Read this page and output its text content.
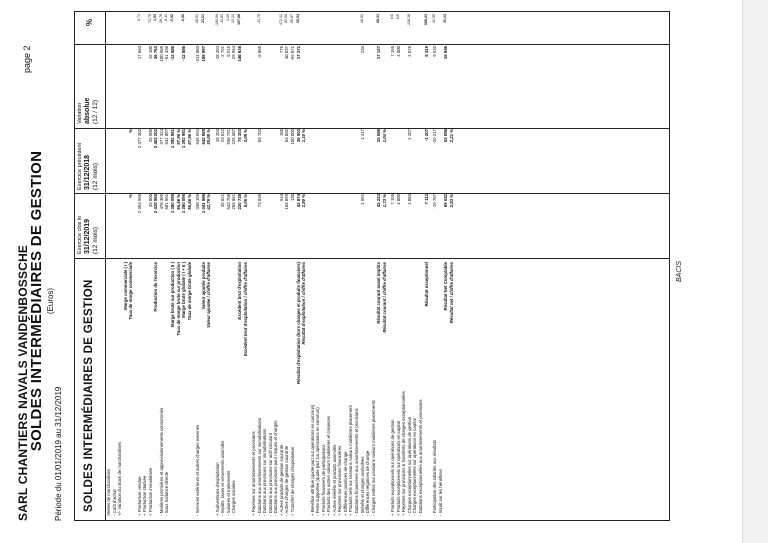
SARL CHANTIERS NAVALS VANDENBOSSCHE
SOLDES INTERMÉDIAIRES DE GESTION (Euros)
Période du 01/01/2019 au 31/12/2019
page 2
SOLDES INTERMÉDIAIRES DE GESTION
Exercice clos le 31/12/2019 (12 mois)
Exercice précédent 31/12/2018 (12 mois)
Variation absolue (12 / 12)
%
Ventes de marchandises - Coût d'achat +/- Variation du stock de marchandises
Marge commerciale ( I ) Taux de marge commerciale
%
%
+ Production vendue
2 394 965
2 377 302
17 663
0,74
+ Production stockée + Production immobilisée
45 000
25 900
19 100
73,75
Production de l'exercice
2 439 965
2 403 202
36 763
1,53
- Matières premières et approvisionnements consommés
478 309
377 324
100 985
26,76
- Sous traitance directe
581 561
632 897
-51 336
-8,11
Marge brute sur production ( II )
1 380 095
1 392 981
-12 886
-0,92
Taux de marge brute sur production
56,56 %
57,96 %
Marge brute globale ( I + II )
1 380 095
1 392 981
-12 886
-0,92
Taux de marge brute globale
56,56 %
57,96 %
- Services extérieurs et autres charges externes
338 109
549 992
-211 883
-38,51
Valeur ajoutée produite
1 041 986
842 989
198 997
23,61
Valeur ajoutée / chiffre d'affaires
42,79 %
35,08 %
+ Subventions d'exploitation
18 204
-18 204
-100,00
- Impôts, taxes et versements assimilés
20 821
23 612
-2 791
-11,81
- Salaires et traitements
543 706
536 791
6 915
1,29
- Charges sociales
256 651
226 687
29 964
13,22
Excédent brut d'exploitation
220 738
74 103
146 635
197,88
Excédent brut d'exploitation / chiffre d'affaires
9,05 %
3,08 %
+ Reprises sur amortissements et provisions - Dotations aux amortissements sur immobilisations
73 839
83 704
-9 865
-11,79
- Dotations aux provisions sur immobilisations - Dotations aux provisions sur actif circulant - Dotations aux provisions pour risques et charges + Autres produits de gestion courante
944
165
779
472,12
- Autres charges de gestion courante
104 099
64 062
40 037
62,50
+ Transfert de charges d'exploitation
130
100 000
-99 871
-99,87
Résultat d'exploitation (hors charges et produits financiers)
43 874
26 503
17 371
65,54
Résultat d'exploitation / chiffre d'affaires
1,80 %
1,10 %
+ Bénéfice attribué (quote part sur opérations en commun) - Perte supportée (quote part sur opérations en commun) + Produits financiers de participations + Produits des autres valeurs mobilières et créances + Autres intérêts et produits assimilés + Reprises sur provisions financières + Différences positives de change + Produits nets sur cessions valeurs mobilières placement - Dotations financières aux amortissements et provisions - Intérêts et charges assimilées
1 651
1 417
234
16,51
- Différences négatives de change - Charges nettes sur cessions valeurs mobilières placements
Résultat courant avant impôts
42 223
25 086
17 137
68,31
Résultat courant / chiffre d'affaires
1,73 %
1,04 %
+ Produits exceptionnels sur opérations de gestion
7 195
7 195
NS
+ Produits exceptionnels sur opérations en capital
4 000
4 000
NS
+ Reprises sur provisions & transferts de charges exceptionnelles - Charges exceptionnelles sur opérations de gestion
4 083
1 207
2 876
238,28
- Charges exceptionnelles sur opérations en capital - Dotations exceptionnelles aux amortissements et provisions
Résultat exceptionnel
7 112
-1 207
8 319
689,23
- Participation des salariés aux résultats
-19 707
-29 217
9 510
32,55
- Impôt sur les bénéfices
Résultat Net Comptable
69 042
53 096
15 946
30,03
Résultat net / chiffre d'affaires
2,83 %
2,21 %
BACIS
